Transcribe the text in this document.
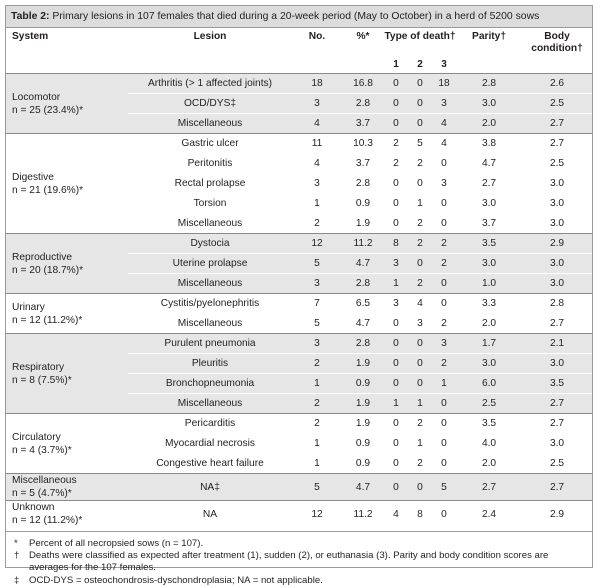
Table 2: Primary lesions in 107 females that died during a 20-week period (May to October) in a herd of 5200 sows
System	Lesion	No.	%*	Type of death†			Parity†	Body condition†
				1	2	3		

Locomotor
n = 25 (23.4%)*	Arthritis (> 1 affected joints)	18	16.8	0	0	18	2.8	2.6
	OCD/DYS‡	3	2.8	0	0	3	3.0	2.5
	Miscellaneous	4	3.7	0	0	4	2.0	2.7

Digestive
n = 21 (19.6%)*	Gastric ulcer	11	10.3	2	5	4	3.8	2.7
	Peritonitis	4	3.7	2	2	0	4.7	2.5
	Rectal prolapse	3	2.8	0	0	3	2.7	3.0
	Torsion	1	0.9	0	1	0	3.0	3.0
	Miscellaneous	2	1.9	0	2	0	3.7	3.0

Reproductive
n = 20 (18.7%)*	Dystocia	12	11.2	8	2	2	3.5	2.9
	Uterine prolapse	5	4.7	3	0	2	3.0	3.0
	Miscellaneous	3	2.8	1	2	0	1.0	3.0

Urinary
n = 12 (11.2%)*	Cystitis/pyelonephritis	7	6.5	3	4	0	3.3	2.8
	Miscellaneous	5	4.7	0	3	2	2.0	2.7

Respiratory
n = 8 (7.5%)*	Purulent pneumonia	3	2.8	0	0	3	1.7	2.1
	Pleuritis	2	1.9	0	0	2	3.0	3.0
	Bronchopneumonia	1	0.9	0	0	1	6.0	3.5
	Miscellaneous	2	1.9	1	1	0	2.5	2.7

Circulatory
n = 4 (3.7%)*	Pericarditis	2	1.9	0	2	0	3.5	2.7
	Myocardial necrosis	1	0.9	0	1	0	4.0	3.0
	Congestive heart failure	1	0.9	0	2	0	2.0	2.5

Miscellaneous
n = 5 (4.7%)*	NA‡	5	4.7	0	0	5	2.7	2.7

Unknown
n = 12 (11.2%)*	NA	12	11.2	4	8	0	2.4	2.9
* Percent of all necropsied sows (n = 107).
† Deaths were classified as expected after treatment (1), sudden (2), or euthanasia (3). Parity and body condition scores are averages for the 107 females.
‡ OCD-DYS = osteochondrosis-dyschondroplasia; NA = not applicable.
